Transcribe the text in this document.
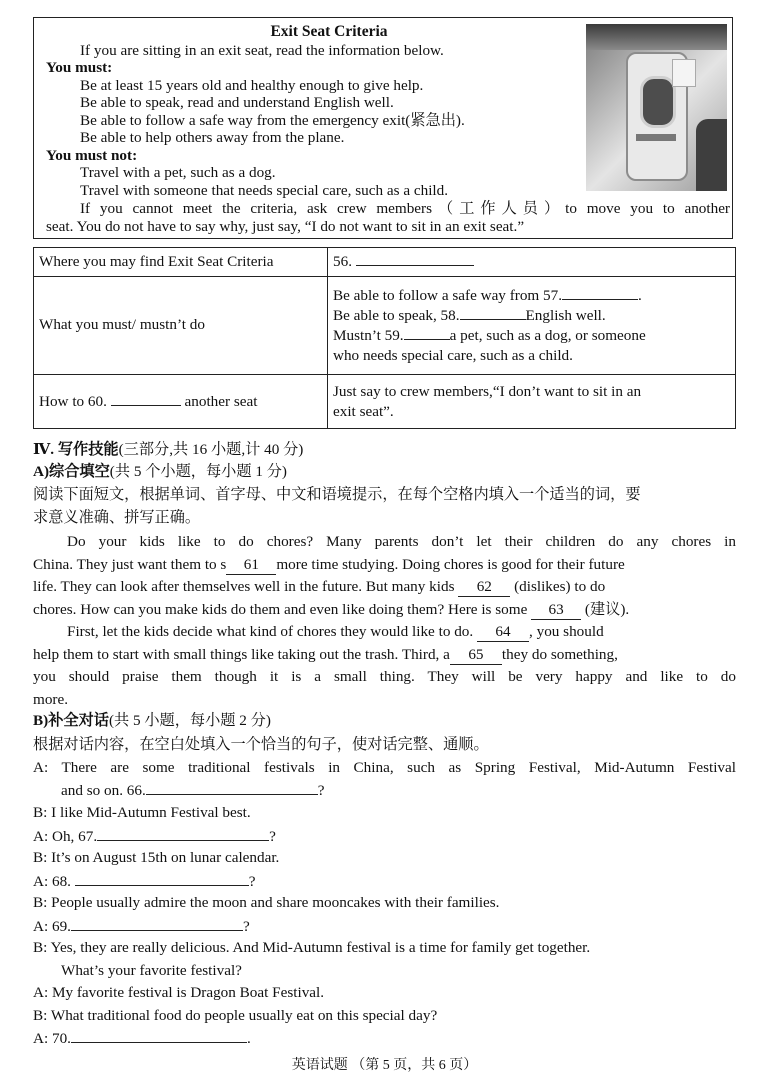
Exit Seat Criteria
If you are sitting in an exit seat, read the information below.
You must:
Be at least 15 years old and healthy enough to give help.
Be able to speak, read and understand English well.
Be able to follow a safe way from the emergency exit(紧急出).
Be able to help others away from the plane.
You must not:
Travel with a pet, such as a dog.
Travel with someone that needs special care, such as a child.
If you cannot meet the criteria, ask crew members（工作人员）to move you to another
seat. You do not have to say why, just say, “I do not want to sit in an exit seat.”
Where you may find Exit Seat Criteria	56.
What you must/ mustn’t do	Be able to follow a safe way from 57. .
Be able to speak, 58. English well.
Mustn’t 59. a pet, such as a dog, or someone
who needs special care, such as a child.

How to 60. another seat	Just say to crew members,“I don’t want to sit in an
exit seat”.
Ⅳ. 写作技能(三部分,共 16 小题,计 40 分)
A)综合填空(共 5 个小题，每小题 1 分)
阅读下面短文，根据单词、首字母、中文和语境提示，在每个空格内填入一个适当的词，要
求意义准确、拼写正确。
Do your kids like to do chores? Many parents don’t let their children do any chores in
China. They just want them to s 61 more time studying. Doing chores is good for their future
life. They can look after themselves well in the future. But many kids 62 (dislikes) to do
chores. How can you make kids do them and even like doing them? Here is some 63 (建议).
First, let the kids decide what kind of chores they would like to do. 64 , you should
help them to start with small things like taking out the trash. Third, a 65 they do something,
you should praise them though it is a small thing. They will be very happy and like to do
more.
B)补全对话(共 5 小题，每小题 2 分)
根据对话内容，在空白处填入一个恰当的句子，使对话完整、通顺。
A: There are some traditional festivals in China, such as Spring Festival, Mid-Autumn Festival
and so on. 66.	?
B: I like Mid-Autumn Festival best.
A: Oh, 67.	?
B: It’s on August 15th on lunar calendar.
A: 68.	?
B: People usually admire the moon and share mooncakes with their families.
A: 69.	?
B: Yes, they are really delicious. And Mid-Autumn festival is a time for family get together.
What’s your favorite festival?
A: My favorite festival is Dragon Boat Festival.
B: What traditional food do people usually eat on this special day?
A: 70.	.
英语试题 （第 5 页，共 6 页）
